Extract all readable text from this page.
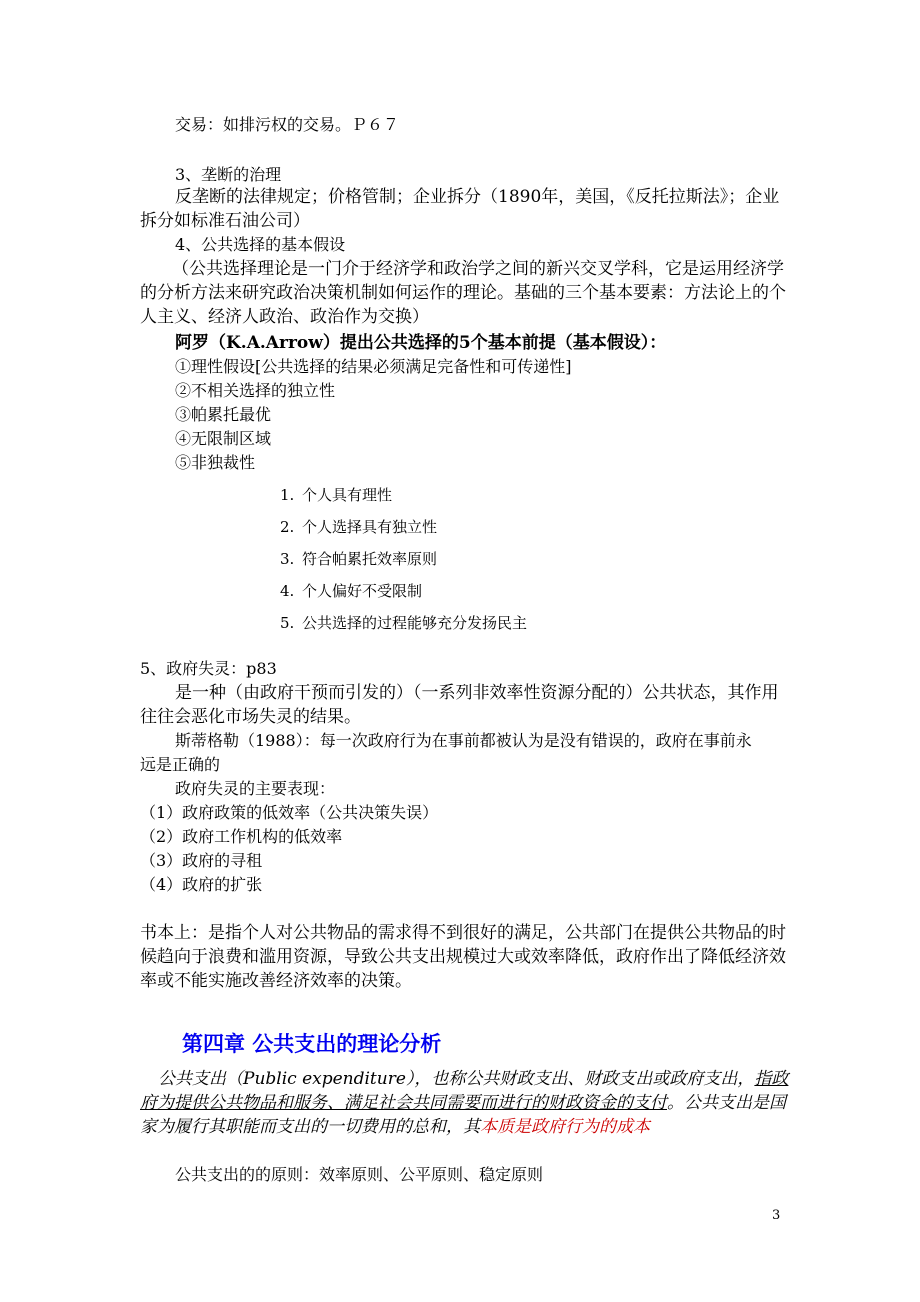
交易：如排污权的交易。Ｐ６７
3、垄断的治理
反垄断的法律规定；价格管制；企业拆分（1890年，美国，《反托拉斯法》；企业
拆分如标准石油公司）
4、公共选择的基本假设
（公共选择理论是一门介于经济学和政治学之间的新兴交叉学科，它是运用经济学
的分析方法来研究政治决策机制如何运作的理论。基础的三个基本要素：方法论上的个
人主义、经济人政治、政治作为交换）
阿罗（K.A.Arrow）提出公共选择的5个基本前提（基本假设）：
①理性假设[公共选择的结果必须满足完备性和可传递性]
②不相关选择的独立性
③帕累托最优
④无限制区域
⑤非独裁性
1. 个人具有理性
2. 个人选择具有独立性
3. 符合帕累托效率原则
4. 个人偏好不受限制
5. 公共选择的过程能够充分发扬民主
5、政府失灵：p83
是一种（由政府干预而引发的）（一系列非效率性资源分配的）公共状态，其作用
往往会恶化市场失灵的结果。
斯蒂格勒（1988）：每一次政府行为在事前都被认为是没有错误的，政府在事前永
远是正确的
政府失灵的主要表现：
（1）政府政策的低效率（公共决策失误）
（2）政府工作机构的低效率
（3）政府的寻租
（4）政府的扩张
书本上：是指个人对公共物品的需求得不到很好的满足，公共部门在提供公共物品的时
候趋向于浪费和滥用资源，导致公共支出规模过大或效率降低，政府作出了降低经济效
率或不能实施改善经济效率的决策。
第四章 公共支出的理论分析
公共支出（Public expenditure），也称公共财政支出、财政支出或政府支出，指政
府为提供公共物品和服务、满足社会共同需要而进行的财政资金的支付。公共支出是国
家为履行其职能而支出的一切费用的总和，其本质是政府行为的成本
公共支出的的原则：效率原则、公平原则、稳定原则
3
